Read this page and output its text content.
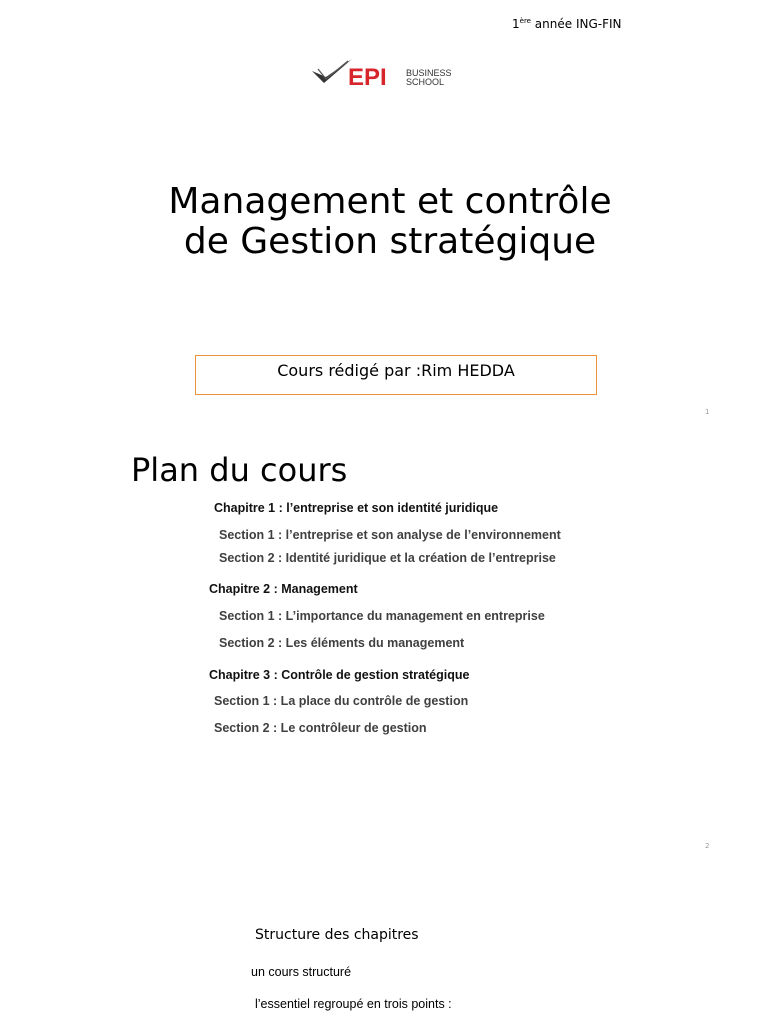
1ère année ING-FIN
EPI BUSINESS
SCHOOL
Management et contrôle
de Gestion stratégique
Cours rédigé par :Rim HEDDA
1
Plan du cours
Chapitre 1 : l’entreprise et son identité juridique
Section 1 : l’entreprise et son analyse de l’environnement
Section 2 : Identité juridique et la création de l’entreprise
Chapitre 2 : Management
Section 1 : L’importance du management en entreprise
Section 2 : Les éléments du management
Chapitre 3 : Contrôle de gestion stratégique
Section 1 : La place du contrôle de gestion
Section 2 : Le contrôleur de gestion
2
Structure des chapitres
un cours structuré
l’essentiel regroupé en trois points :
